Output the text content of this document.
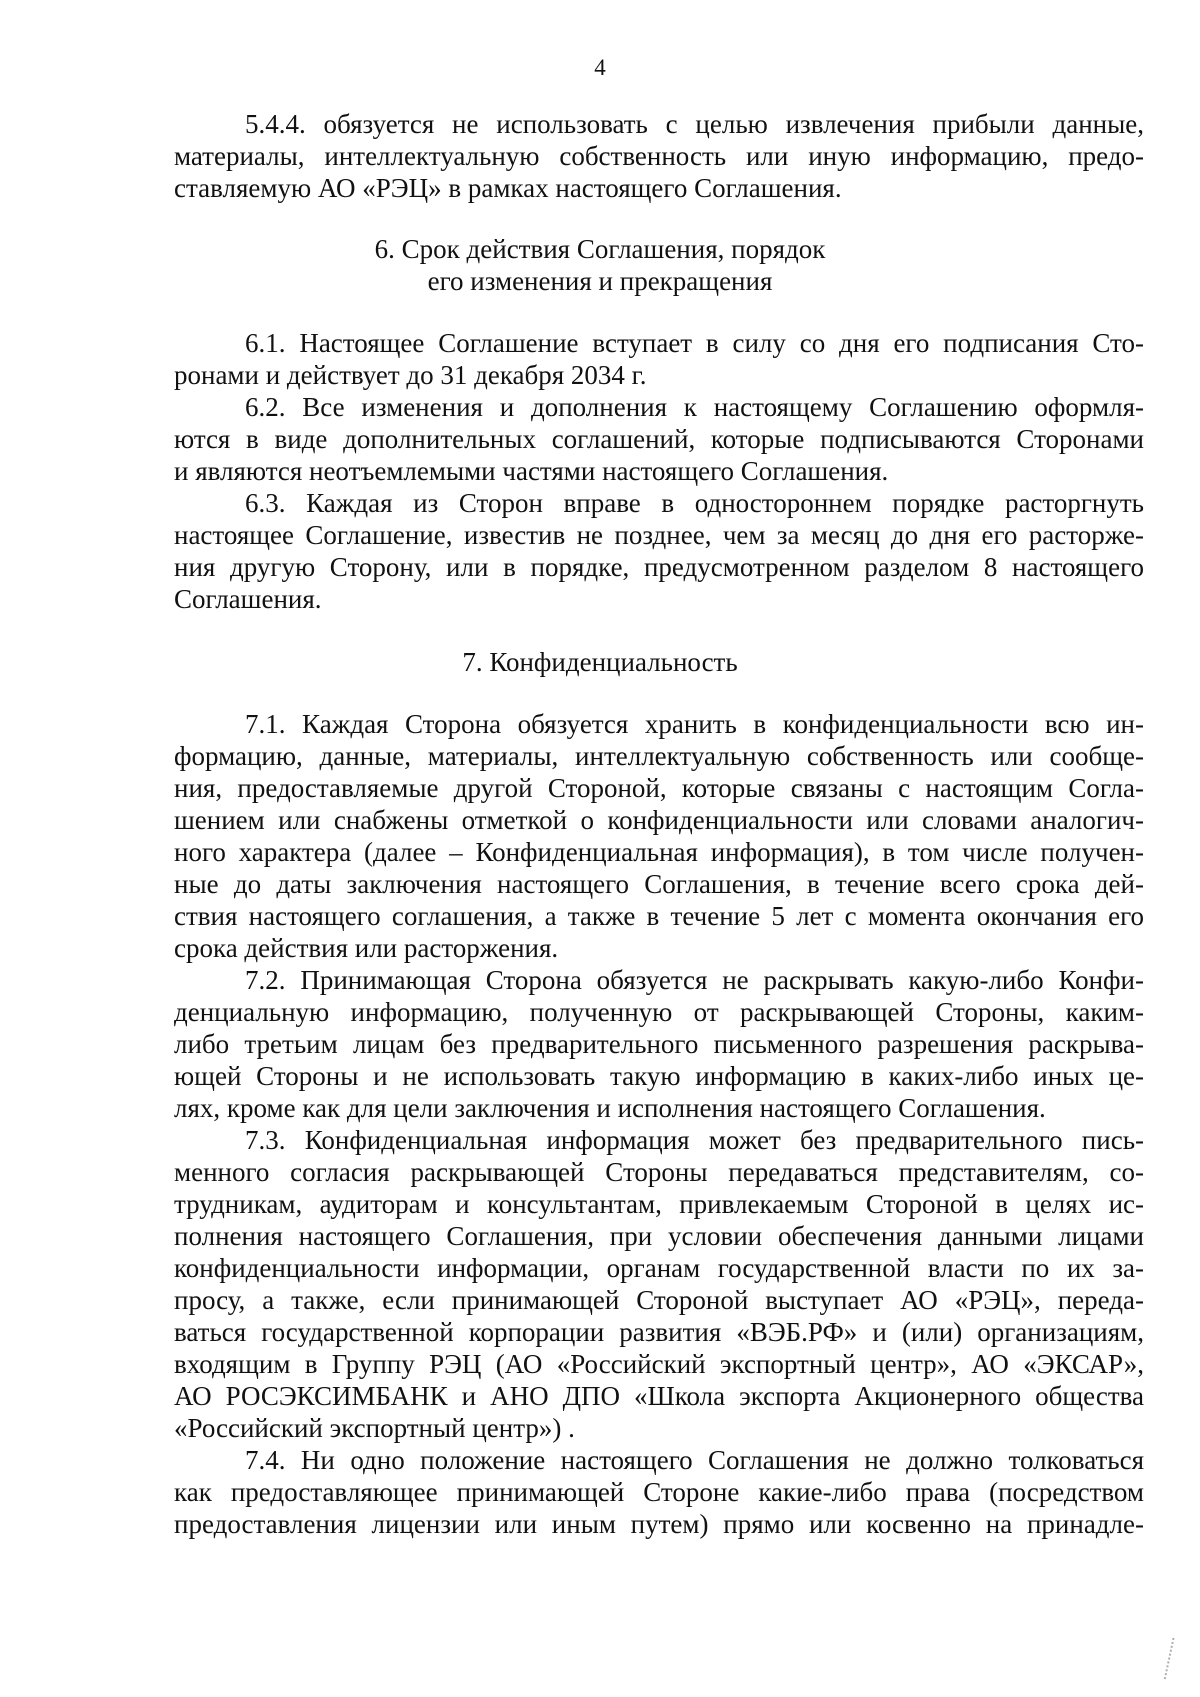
4
5.4.4. обязуется не использовать с целью извлечения прибыли данные,
материалы, интеллектуальную собственность или иную информацию, предо-
ставляемую АО «РЭЦ» в рамках настоящего Соглашения.
6. Срок действия Соглашения, порядок
его изменения и прекращения
6.1. Настоящее Соглашение вступает в силу со дня его подписания Сто-
ронами и действует до 31 декабря 2034 г.
6.2. Все изменения и дополнения к настоящему Соглашению оформля-
ются в виде дополнительных соглашений, которые подписываются Сторонами
и являются неотъемлемыми частями настоящего Соглашения.
6.3. Каждая из Сторон вправе в одностороннем порядке расторгнуть
настоящее Соглашение, известив не позднее, чем за месяц до дня его расторже-
ния другую Сторону, или в порядке, предусмотренном разделом 8 настоящего
Соглашения.
7. Конфиденциальность
7.1. Каждая Сторона обязуется хранить в конфиденциальности всю ин-
формацию, данные, материалы, интеллектуальную собственность или сообще-
ния, предоставляемые другой Стороной, которые связаны с настоящим Согла-
шением или снабжены отметкой о конфиденциальности или словами аналогич-
ного характера (далее – Конфиденциальная информация), в том числе получен-
ные до даты заключения настоящего Соглашения, в течение всего срока дей-
ствия настоящего соглашения, а также в течение 5 лет с момента окончания его
срока действия или расторжения.
7.2. Принимающая Сторона обязуется не раскрывать какую-либо Конфи-
денциальную информацию, полученную от раскрывающей Стороны, каким-
либо третьим лицам без предварительного письменного разрешения раскрыва-
ющей Стороны и не использовать такую информацию в каких-либо иных це-
лях, кроме как для цели заключения и исполнения настоящего Соглашения.
7.3. Конфиденциальная информация может без предварительного пись-
менного согласия раскрывающей Стороны передаваться представителям, со-
трудникам, аудиторам и консультантам, привлекаемым Стороной в целях ис-
полнения настоящего Соглашения, при условии обеспечения данными лицами
конфиденциальности информации, органам государственной власти по их за-
просу, а также, если принимающей Стороной выступает АО «РЭЦ», переда-
ваться государственной корпорации развития «ВЭБ.РФ» и (или) организациям,
входящим в Группу РЭЦ (АО «Российский экспортный центр», АО «ЭКСАР»,
АО РОСЭКСИМБАНК и АНО ДПО «Школа экспорта Акционерного общества
«Российский экспортный центр») .
7.4. Ни одно положение настоящего Соглашения не должно толковаться
как предоставляющее принимающей Стороне какие-либо права (посредством
предоставления лицензии или иным путем) прямо или косвенно на принадле-
